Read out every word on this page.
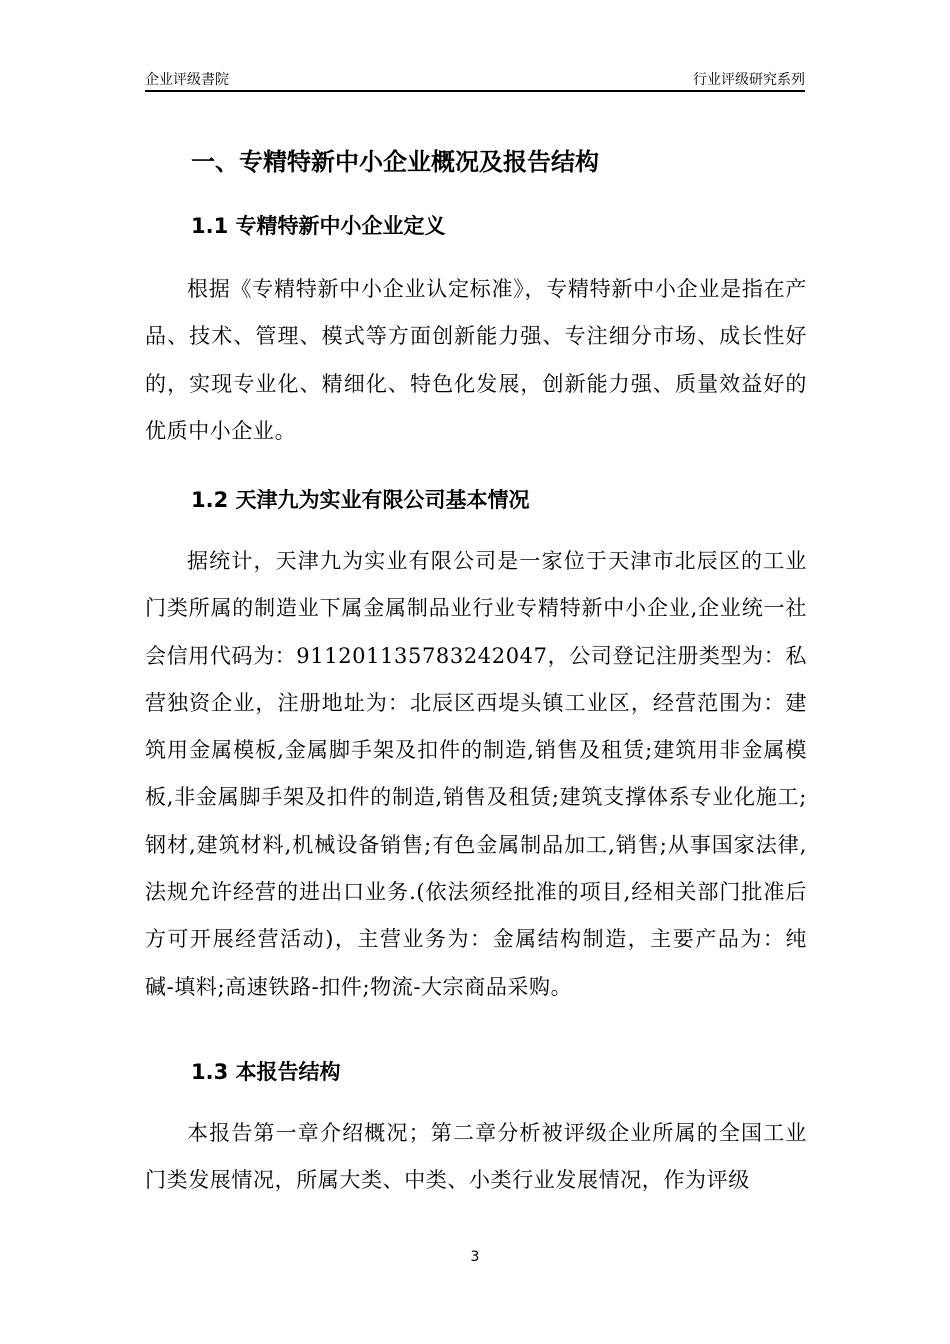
企业评级書院	行业评级研究系列
一、专精特新中小企业概况及报告结构
1.1 专精特新中小企业定义
根据《专精特新中小企业认定标准》，专精特新中小企业是指在产品、技术、管理、模式等方面创新能力强、专注细分市场、成长性好的，实现专业化、精细化、特色化发展，创新能力强、质量效益好的优质中小企业。
1.2 天津九为实业有限公司基本情况
据统计，天津九为实业有限公司是一家位于天津市北辰区的工业门类所属的制造业下属金属制品业行业专精特新中小企业,企业统一社会信用代码为：911201135783242047，公司登记注册类型为：私营独资企业，注册地址为：北辰区西堤头镇工业区，经营范围为：建筑用金属模板,金属脚手架及扣件的制造,销售及租赁;建筑用非金属模板,非金属脚手架及扣件的制造,销售及租赁;建筑支撑体系专业化施工;钢材,建筑材料,机械设备销售;有色金属制品加工,销售;从事国家法律,法规允许经营的进出口业务.(依法须经批准的项目,经相关部门批准后方可开展经营活动)，主营业务为：金属结构制造，主要产品为：纯碱-填料;高速铁路-扣件;物流-大宗商品采购。
1.3 本报告结构
本报告第一章介绍概况；第二章分析被评级企业所属的全国工业门类发展情况，所属大类、中类、小类行业发展情况，作为评级
3
